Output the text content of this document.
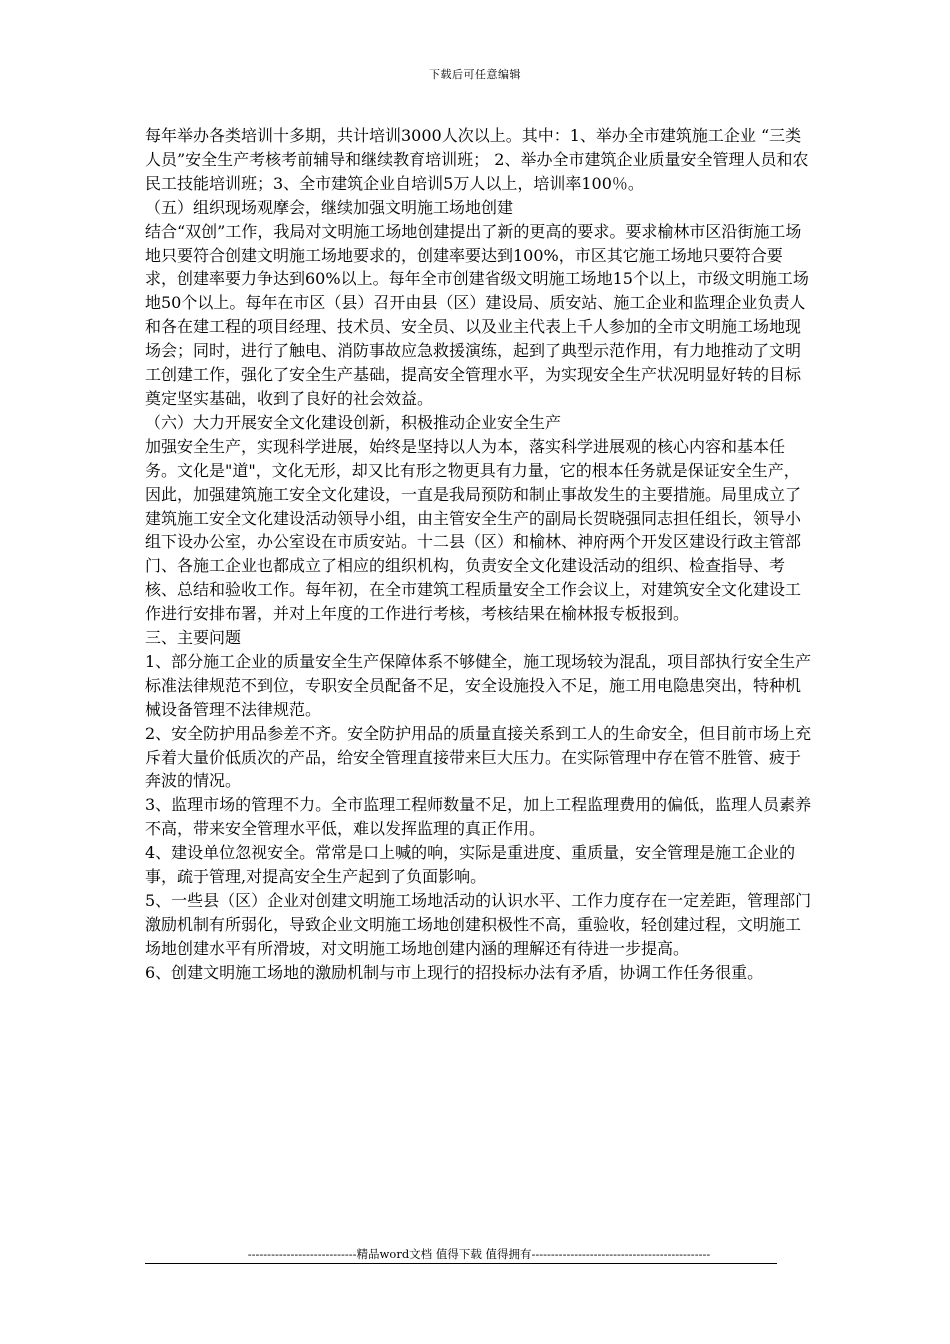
下载后可任意编辑

每年举办各类培训十多期，共计培训3000人次以上。其中：1、举办全市建筑施工企业 “三类人员”安全生产考核考前辅导和继续教育培训班； 2、举办全市建筑企业质量安全管理人员和农民工技能培训班；3、全市建筑企业自培训5万人以上，培训率100％。

（五）组织现场观摩会，继续加强文明施工场地创建

结合“双创”工作，我局对文明施工场地创建提出了新的更高的要求。要求榆林市区沿街施工场地只要符合创建文明施工场地要求的，创建率要达到100%，市区其它施工场地只要符合要求，创建率要力争达到60%以上。每年全市创建省级文明施工场地15个以上，市级文明施工场地50个以上。每年在市区（县）召开由县（区）建设局、质安站、施工企业和监理企业负责人和各在建工程的项目经理、技术员、安全员、以及业主代表上千人参加的全市文明施工场地现场会；同时，进行了触电、消防事故应急救援演练，起到了典型示范作用，有力地推动了文明工创建工作，强化了安全生产基础，提高安全管理水平，为实现安全生产状况明显好转的目标奠定坚实基础，收到了良好的社会效益。

（六）大力开展安全文化建设创新，积极推动企业安全生产

加强安全生产，实现科学进展，始终是坚持以人为本，落实科学进展观的核心内容和基本任务。文化是"道"，文化无形，却又比有形之物更具有力量，它的根本任务就是保证安全生产，因此，加强建筑施工安全文化建设，一直是我局预防和制止事故发生的主要措施。局里成立了建筑施工安全文化建设活动领导小组，由主管安全生产的副局长贺晓强同志担任组长，领导小组下设办公室，办公室设在市质安站。十二县（区）和榆林、神府两个开发区建设行政主管部门、各施工企业也都成立了相应的组织机构，负责安全文化建设活动的组织、检查指导、考核、总结和验收工作。每年初，在全市建筑工程质量安全工作会议上，对建筑安全文化建设工作进行安排布署，并对上年度的工作进行考核，考核结果在榆林报专板报到。

三、主要问题

1、部分施工企业的质量安全生产保障体系不够健全，施工现场较为混乱，项目部执行安全生产标准法律规范不到位，专职安全员配备不足，安全设施投入不足，施工用电隐患突出，特种机械设备管理不法律规范。

2、安全防护用品参差不齐。安全防护用品的质量直接关系到工人的生命安全，但目前市场上充斥着大量价低质次的产品，给安全管理直接带来巨大压力。在实际管理中存在管不胜管、疲于奔波的情况。

3、监理市场的管理不力。全市监理工程师数量不足，加上工程监理费用的偏低，监理人员素养不高，带来安全管理水平低，难以发挥监理的真正作用。

4、建设单位忽视安全。常常是口上喊的响，实际是重进度、重质量，安全管理是施工企业的事，疏于管理,对提高安全生产起到了负面影响。

5、一些县（区）企业对创建文明施工场地活动的认识水平、工作力度存在一定差距，管理部门激励机制有所弱化，导致企业文明施工场地创建积极性不高，重验收，轻创建过程，文明施工场地创建水平有所滑坡，对文明施工场地创建内涵的理解还有待进一步提高。

6、创建文明施工场地的激励机制与市上现行的招投标办法有矛盾，协调工作任务很重。

----------------------------精品word文档 值得下载 值得拥有----------------------------------------------
